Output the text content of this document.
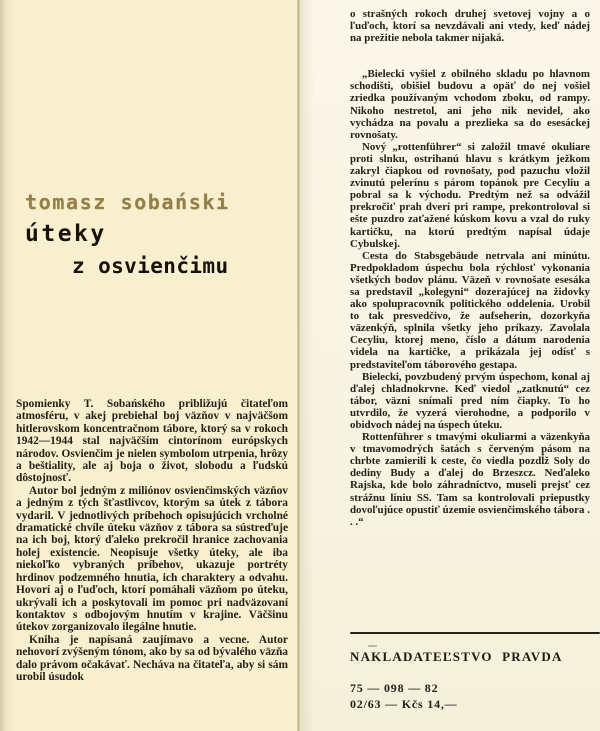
tomasz sobański
úteky
z osvienčimu

Spomienky T. Sobańského približujú čitateľom atmosféru, v akej prebiehal boj väzňov v najväčšom hitlerovskom koncentračnom tábore, ktorý sa v rokoch 1942—1944 stal najväčším cintorínom európskych národov. Osvienčim je nielen symbolom utrpenia, hrôzy a beštiality, ale aj boja o život, slobodu a ľudskú dôstojnosť.

Autor bol jedným z miliónov osvienčimských väzňov a jedným z tých šťastlivcov, ktorým sa útek z tábora vydaril. V jednotlivých príbehoch opisujúcich vrcholné dramatické chvíle úteku väzňov z tábora sa sústreďuje na ich boj, ktorý ďaleko prekročil hranice zachovania holej existencie. Neopisuje všetky úteky, ale iba niekoľko vybraných príbehov, ukazuje portréty hrdinov podzemného hnutia, ich charaktery a odvahu. Hovorí aj o ľuďoch, ktorí pomáhali väzňom po úteku, ukrývali ich a poskytovali im pomoc pri nadväzovaní kontaktov s odbojovým hnutím v krajine. Väčšinu útekov zorganizovalo ilegálne hnutie.

Kniha je napísaná zaujímavo a vecne. Autor nehovorí zvýšeným tónom, ako by sa od bývalého väzňa dalo právom očakávať. Necháva na čitateľa, aby si sám urobil úsudok

o strašných rokoch druhej svetovej vojny a o ľuďoch, ktorí sa nevzdávali ani vtedy, keď nádej na prežitie nebola takmer nijaká.

„Bielecki vyšiel z obilného skladu po hlavnom schodišti, obišiel budovu a opäť do nej vošiel zriedka používaným vchodom zboku, od rampy. Nikoho nestretol, ani jeho nik nevidel, ako vychádza na povalu a prezlieka sa do esesáckej rovnošaty.

Nový „rottenführer“ si založil tmavé okuliare proti slnku, ostrihanú hlavu s krátkym ježkom zakryl čiapkou od rovnošaty, pod pazuchu vložil zvinutú pelerínu s párom topánok pre Cecyliu a pobral sa k východu. Predtým než sa odvážil prekročiť prah dverí pri rampe, prekontroloval si ešte puzdro zaťažené kúskom kovu a vzal do ruky kartičku, na ktorú predtým napísal údaje Cybulskej.

Cesta do Stabsgebäude netrvala ani minútu. Predpokladom úspechu bola rýchlosť vykonania všetkých bodov plánu. Väzeň v rovnošate esesáka sa predstavil „kolegyni“ dozerajúcej na židovky ako spolupracovník politického oddelenia. Urobil to tak presvedčivo, že aufseherin, dozorkyňa väzenkýň, splnila všetky jeho príkazy. Zavolala Cecyliu, ktorej meno, číslo a dátum narodenia videla na kartičke, a prikázala jej odísť s predstaviteľom táborového gestapa.

Bielecki, povzbudený prvým úspechom, konal aj ďalej chladnokrvne. Keď viedol „zatknutú“ cez tábor, väzni snímali pred ním čiapky. To ho utvrdilo, že vyzerá vierohodne, a podporilo v obidvoch nádej na úspech úteku.

Rottenführer s tmavými okuliarmi a väzenkyňa v tmavomodrých šatách s červeným pásom na chrbte zamierili k ceste, čo viedla pozdĺž Soly do dediny Budy a ďalej do Brzeszcz. Neďaleko Rajska, kde bolo záhradníctvo, museli prejsť cez strážnu líniu SS. Tam sa kontrolovali priepustky dovoľujúce opustiť územie osvienčimského tábora . . .“

NAKLADATEĽSTVO PRAVDA
75 — 098 — 82
02/63 — Kčs 14,—
